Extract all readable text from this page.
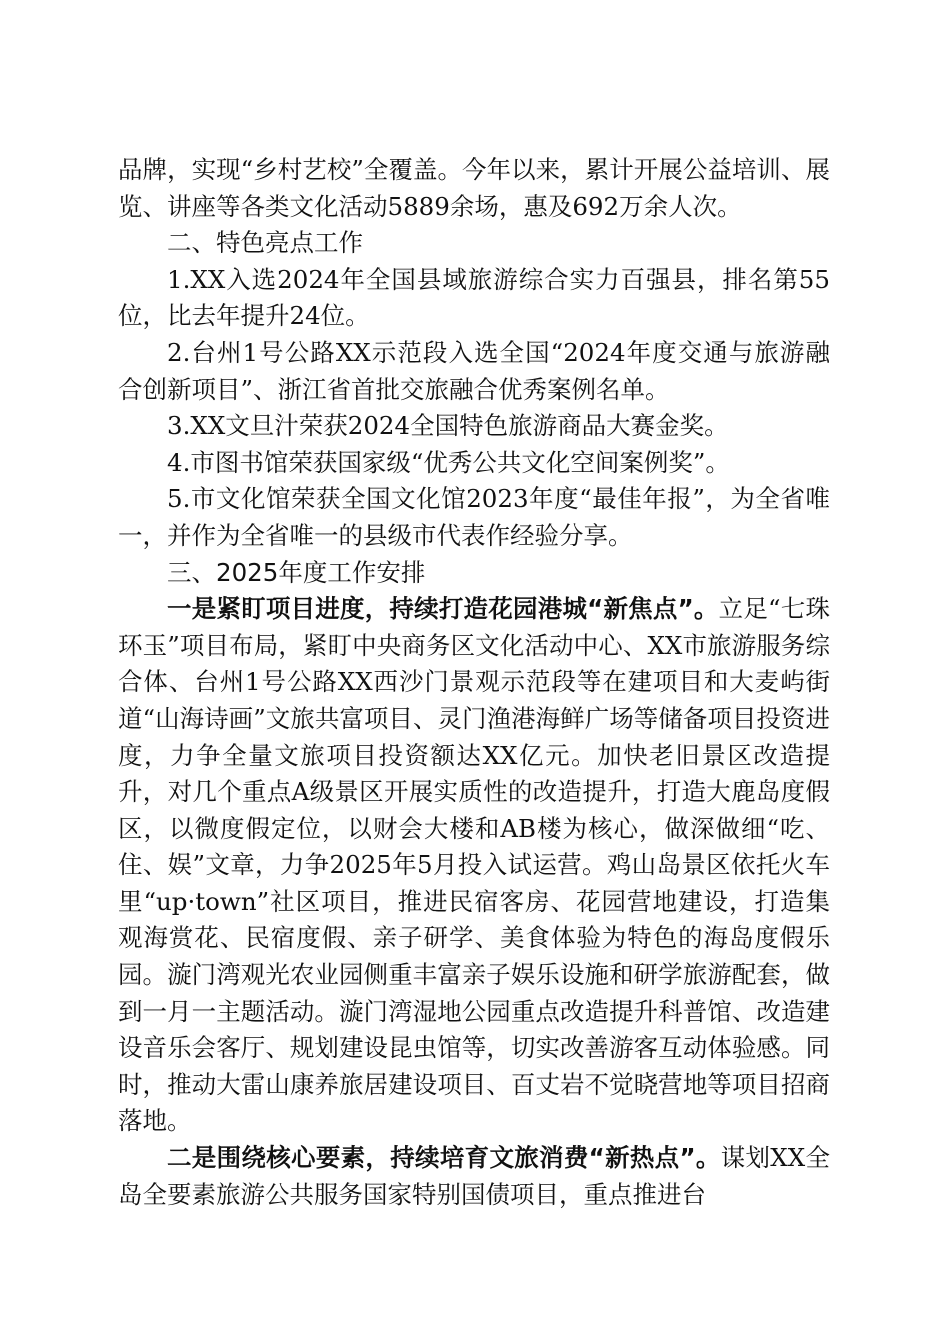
品牌，实现“乡村艺校”全覆盖。今年以来，累计开展公益培训、展览、讲座等各类文化活动5889余场，惠及692万余人次。

二、特色亮点工作

1.XX入选2024年全国县域旅游综合实力百强县，排名第55位，比去年提升24位。

2.台州1号公路XX示范段入选全国“2024年度交通与旅游融合创新项目”、浙江省首批交旅融合优秀案例名单。

3.XX文旦汁荣获2024全国特色旅游商品大赛金奖。

4.市图书馆荣获国家级“优秀公共文化空间案例奖”。

5.市文化馆荣获全国文化馆2023年度“最佳年报”，为全省唯一，并作为全省唯一的县级市代表作经验分享。

三、2025年度工作安排

一是紧盯项目进度，持续打造花园港城“新焦点”。立足“七珠环玉”项目布局，紧盯中央商务区文化活动中心、XX市旅游服务综合体、台州1号公路XX西沙门景观示范段等在建项目和大麦屿街道“山海诗画”文旅共富项目、灵门渔港海鲜广场等储备项目投资进度，力争全量文旅项目投资额达XX亿元。加快老旧景区改造提升，对几个重点A级景区开展实质性的改造提升，打造大鹿岛度假区，以微度假定位，以财会大楼和AB楼为核心，做深做细“吃、住、娱”文章，力争2025年5月投入试运营。鸡山岛景区依托火车里“up·town”社区项目，推进民宿客房、花园营地建设，打造集观海赏花、民宿度假、亲子研学、美食体验为特色的海岛度假乐园。漩门湾观光农业园侧重丰富亲子娱乐设施和研学旅游配套，做到一月一主题活动。漩门湾湿地公园重点改造提升科普馆、改造建设音乐会客厅、规划建设昆虫馆等，切实改善游客互动体验感。同时，推动大雷山康养旅居建设项目、百丈岩不觉晓营地等项目招商落地。

二是围绕核心要素，持续培育文旅消费“新热点”。谋划XX全岛全要素旅游公共服务国家特别国债项目，重点推进台
